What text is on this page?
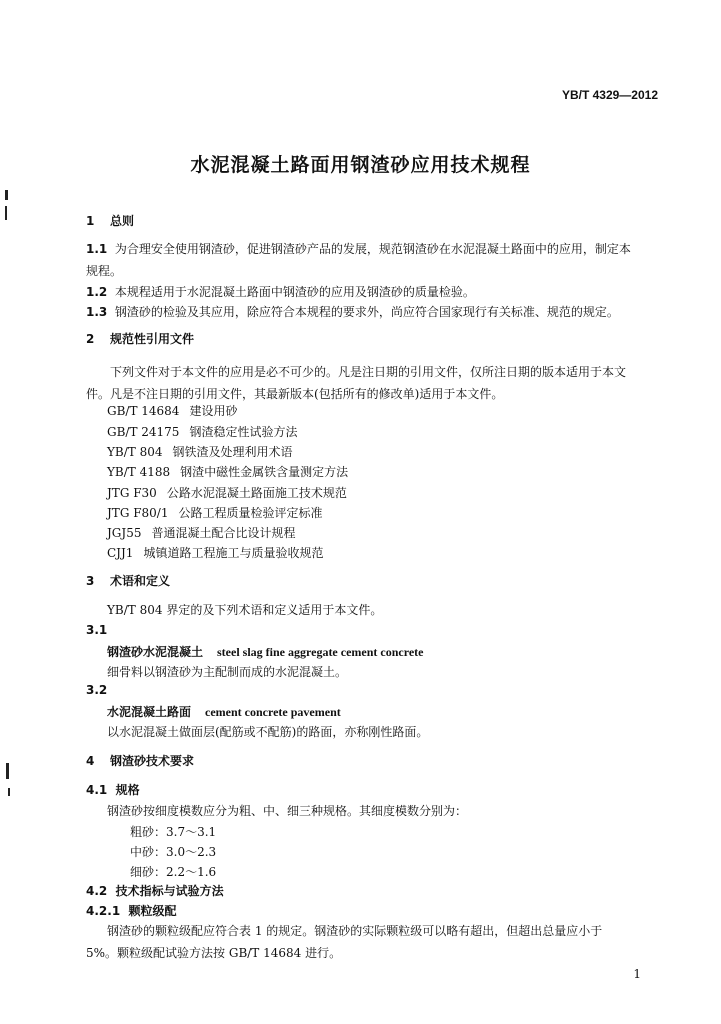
YB/T 4329—2012
水泥混凝土路面用钢渣砂应用技术规程
1 总则
1.1 为合理安全使用钢渣砂，促进钢渣砂产品的发展，规范钢渣砂在水泥混凝土路面中的应用，制定本
规程。
1.2 本规程适用于水泥混凝土路面中钢渣砂的应用及钢渣砂的质量检验。
1.3 钢渣砂的检验及其应用，除应符合本规程的要求外，尚应符合国家现行有关标准、规范的规定。
2 规范性引用文件
下列文件对于本文件的应用是必不可少的。凡是注日期的引用文件，仅所注日期的版本适用于本文
件。凡是不注日期的引用文件，其最新版本(包括所有的修改单)适用于本文件。
GB/T 14684 建设用砂
GB/T 24175 钢渣稳定性试验方法
YB/T 804 钢铁渣及处理利用术语
YB/T 4188 钢渣中磁性金属铁含量测定方法
JTG F30 公路水泥混凝土路面施工技术规范
JTG F80/1 公路工程质量检验评定标准
JGJ55 普通混凝土配合比设计规程
CJJ1 城镇道路工程施工与质量验收规范
3 术语和定义
YB/T 804 界定的及下列术语和定义适用于本文件。
3.1
钢渣砂水泥混凝土 steel slag fine aggregate cement concrete
细骨料以钢渣砂为主配制而成的水泥混凝土。
3.2
水泥混凝土路面 cement concrete pavement
以水泥混凝土做面层(配筋或不配筋)的路面，亦称刚性路面。
4 钢渣砂技术要求
4.1 规格
钢渣砂按细度模数应分为粗、中、细三种规格。其细度模数分别为：
粗砂：3.7～3.1
中砂：3.0～2.3
细砂：2.2～1.6
4.2 技术指标与试验方法
4.2.1 颗粒级配
钢渣砂的颗粒级配应符合表 1 的规定。钢渣砂的实际颗粒级可以略有超出，但超出总量应小于
5%。颗粒级配试验方法按 GB/T 14684 进行。
1
